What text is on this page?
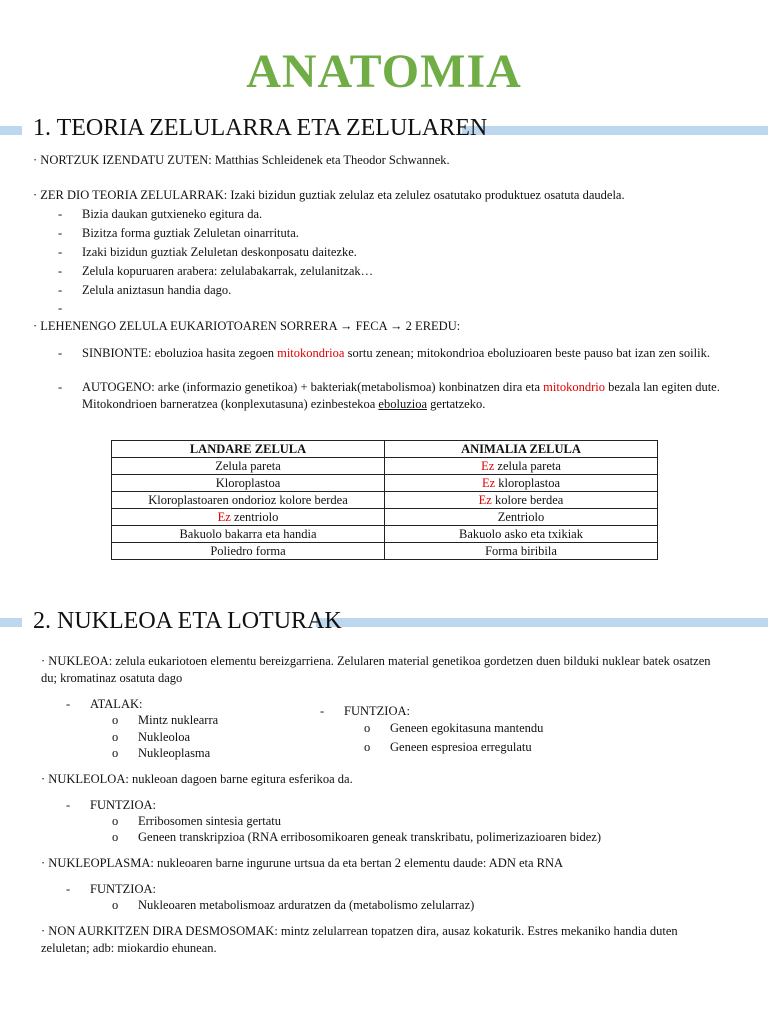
ANATOMIA
1. TEORIA ZELULARRA ETA ZELULAREN
· NORTZUK IZENDATU ZUTEN: Matthias Schleidenek eta Theodor Schwannek.
· ZER DIO TEORIA ZELULARRAK: Izaki bizidun guztiak zelulaz eta zelulez osatutako produktuez osatuta daudela.
- Bizia daukan gutxieneko egitura da.
- Bizitza forma guztiak Zeluletan oinarrituta.
- Izaki bizidun guztiak Zeluletan deskonposatu daitezke.
- Zelula kopuruaren arabera: zelulabakarrak, zelulanitzak…
- Zelula aniztasun handia dago.
-
· LEHENENGO ZELULA EUKARIOTOAREN SORRERA → FECA → 2 EREDU:
- SINBIONTE: eboluzioa hasita zegoen mitokondrioa sortu zenean; mitokondrioa eboluzioaren beste pauso bat izan zen soilik.
- AUTOGENO: arke (informazio genetikoa) + bakteriak(metabolismoa) konbinatzen dira eta mitokondrio bezala lan egiten dute. Mitokondrioen barneratzea (konplexutasuna) ezinbestekoa eboluzioa gertatzeko.
LANDARE ZELULA	ANIMALIA ZELULA
Zelula pareta	Ez zelula pareta
Kloroplastoa	Ez kloroplastoa
Kloroplastoaren ondorioz kolore berdea	Ez kolore berdea
Ez zentriolo	Zentriolo
Bakuolo bakarra eta handia	Bakuolo asko eta txikiak
Poliedro forma	Forma biribila
2. NUKLEOA ETA LOTURAK
· NUKLEOA: zelula eukariotoen elementu bereizgarriena. Zelularen material genetikoa gordetzen duen bilduki nuklear batek osatzen du; kromatinaz osatuta dago
- ATALAK:
o Mintz nuklearra
o Nukleoloa
o Nukleoplasma
- FUNTZIOA:
o Geneen egokitasuna mantendu
o Geneen espresioa erregulatu
· NUKLEOLOA: nukleoan dagoen barne egitura esferikoa da.
- FUNTZIOA:
o Erribosomen sintesia gertatu
o Geneen transkripzioa (RNA erribosomikoaren geneak transkribatu, polimerizazioaren bidez)
· NUKLEOPLASMA: nukleoaren barne ingurune urtsua da eta bertan 2 elementu daude: ADN eta RNA
- FUNTZIOA:
o Nukleoaren metabolismoaz arduratzen da (metabolismo zelularraz)
· NON AURKITZEN DIRA DESMOSOMAK: mintz zelularrean topatzen dira, ausaz kokaturik. Estres mekaniko handia duten zeluletan; adb: miokardio ehunean.
